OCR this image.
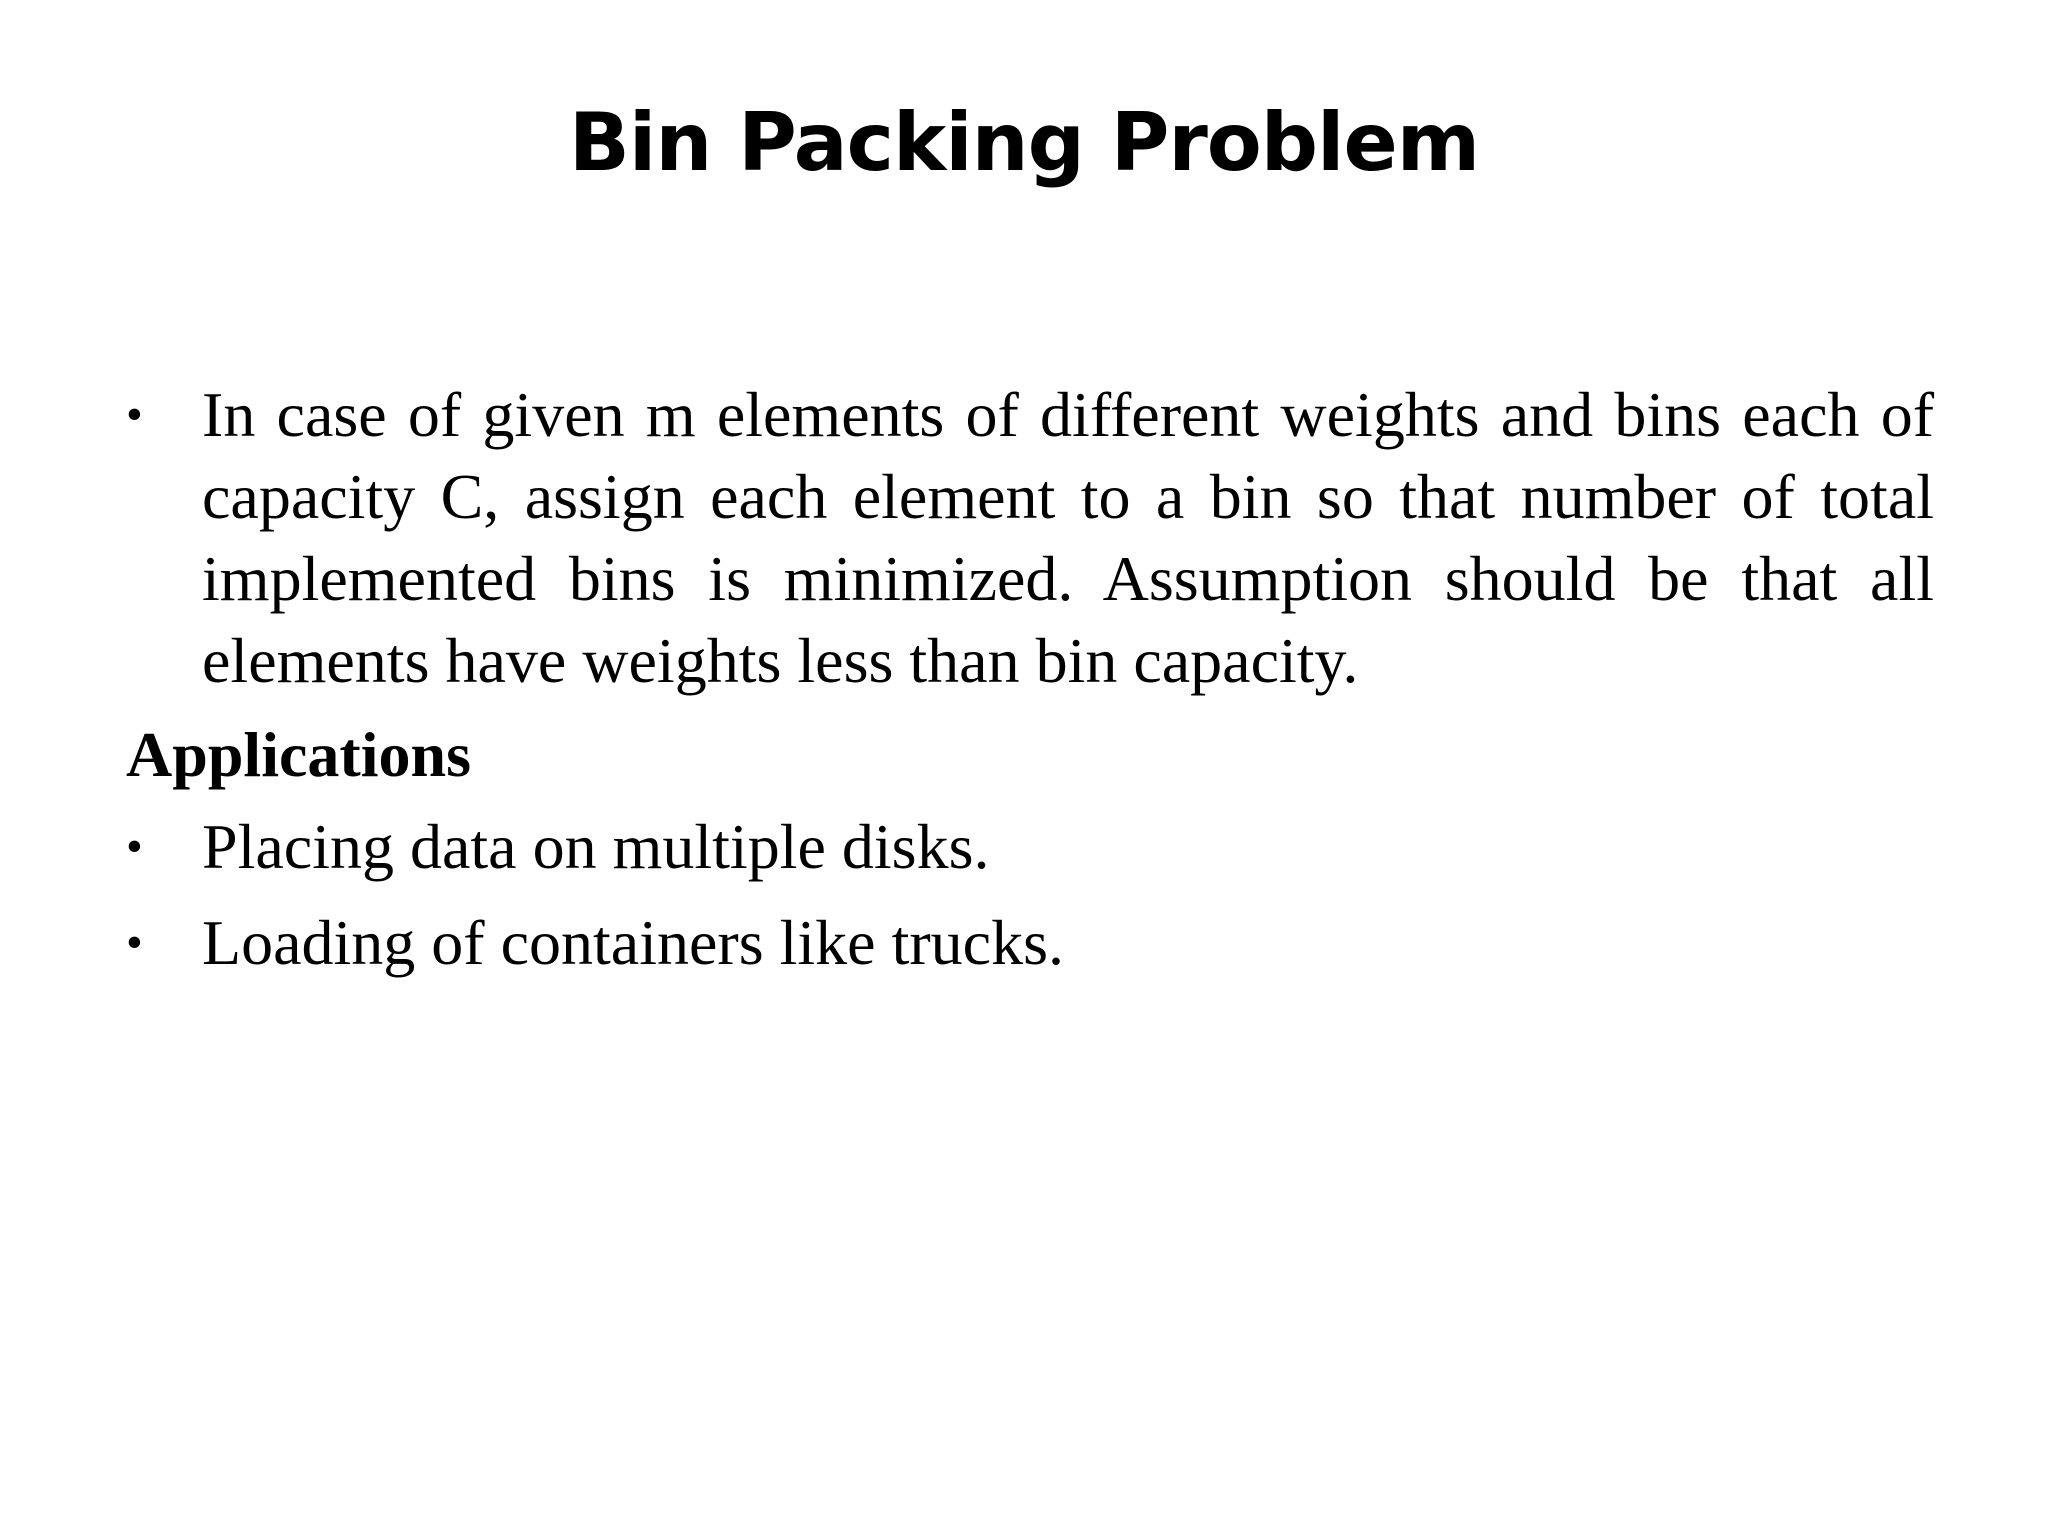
Bin Packing Problem
• In case of given m elements of different weights and bins each of capacity C, assign each element to a bin so that number of total implemented bins is minimized. Assumption should be that all elements have weights less than bin capacity.
Applications
• Placing data on multiple disks.
• Loading of containers like trucks.
